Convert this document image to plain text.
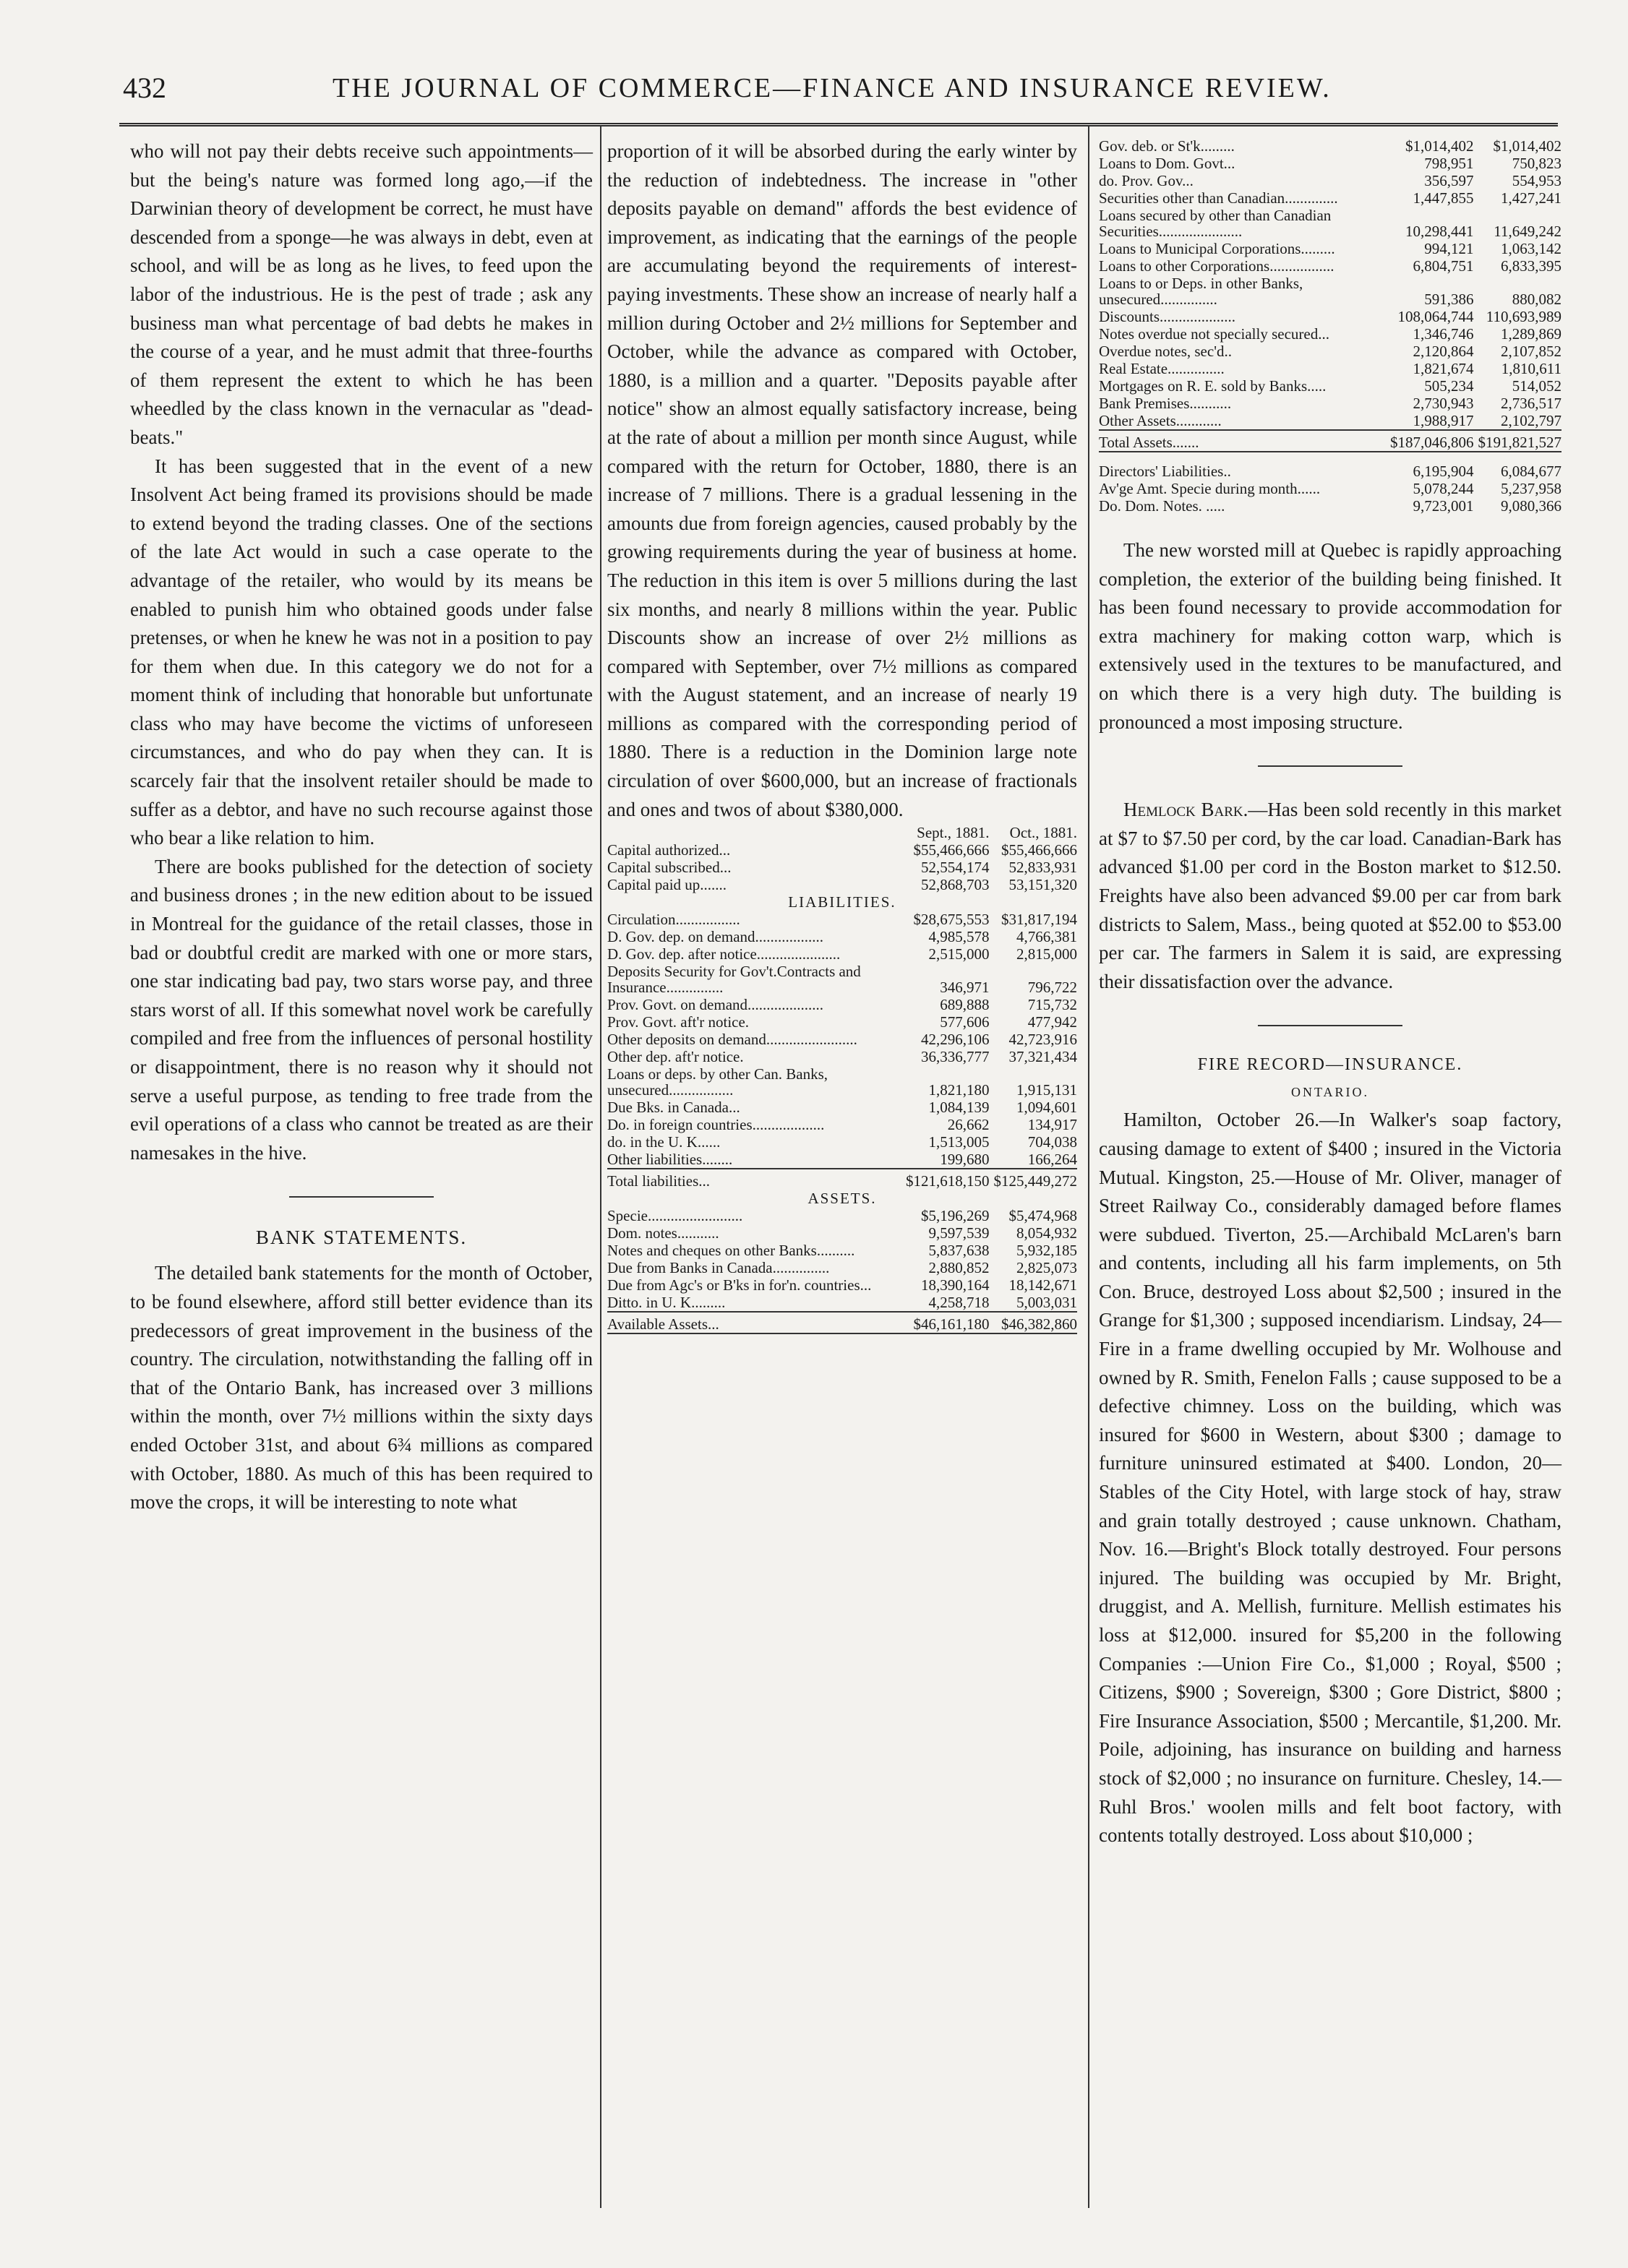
432	THE JOURNAL OF COMMERCE—FINANCE AND INSURANCE REVIEW.

who will not pay their debts receive such appointments—but the being's nature was formed long ago,—if the Darwinian theory of development be correct, he must have descended from a sponge—he was always in debt, even at school, and will be as long as he lives, to feed upon the labor of the industrious. He is the pest of trade ; ask any business man what percentage of bad debts he makes in the course of a year, and he must admit that three-fourths of them represent the extent to which he has been wheedled by the class known in the vernacular as "dead-beats."

It has been suggested that in the event of a new Insolvent Act being framed its provisions should be made to extend beyond the trading classes. One of the sections of the late Act would in such a case operate to the advantage of the retailer, who would by its means be enabled to punish him who obtained goods under false pretenses, or when he knew he was not in a position to pay for them when due. In this category we do not for a moment think of including that honorable but unfortunate class who may have become the victims of unforeseen circumstances, and who do pay when they can. It is scarcely fair that the insolvent retailer should be made to suffer as a debtor, and have no such recourse against those who bear a like relation to him.

There are books published for the detection of society and business drones ; in the new edition about to be issued in Montreal for the guidance of the retail classes, those in bad or doubtful credit are marked with one or more stars, one star indicating bad pay, two stars worse pay, and three stars worst of all. If this somewhat novel work be carefully compiled and free from the influences of personal hostility or disappointment, there is no reason why it should not serve a useful purpose, as tending to free trade from the evil operations of a class who cannot be treated as are their namesakes in the hive.

BANK STATEMENTS.

The detailed bank statements for the month of October, to be found elsewhere, afford still better evidence than its predecessors of great improvement in the business of the country. The circulation, notwithstanding the falling off in that of the Ontario Bank, has increased over 3 millions within the month, over 7½ millions within the sixty days ended October 31st, and about 6¾ millions as compared with October, 1880. As much of this has been required to move the crops, it will be interesting to note what

proportion of it will be absorbed during the early winter by the reduction of indebtedness. The increase in "other deposits payable on demand" affords the best evidence of improvement, as indicating that the earnings of the people are accumulating beyond the requirements of interest-paying investments. These show an increase of nearly half a million during October and 2½ millions for September and October, while the advance as compared with October, 1880, is a million and a quarter. "Deposits payable after notice" show an almost equally satisfactory increase, being at the rate of about a million per month since August, while compared with the return for October, 1880, there is an increase of 7 millions. There is a gradual lessening in the amounts due from foreign agencies, caused probably by the growing requirements during the year of business at home. The reduction in this item is over 5 millions during the last six months, and nearly 8 millions within the year. Public Discounts show an increase of over 2½ millions as compared with September, over 7½ millions as compared with the August statement, and an increase of nearly 19 millions as compared with the corresponding period of 1880. There is a reduction in the Dominion large note circulation of over $600,000, but an increase of fractionals and ones and twos of about $380,000.

	Sept., 1881.	Oct., 1881.
Capital authorized...	$55,466,666	$55,466,666
Capital subscribed...	52,554,174	52,833,931
Capital paid up.......	52,868,703	53,151,320
LIABILITIES.		
Circulation.................	$28,675,553	$31,817,194
D. Gov. dep. on demand..................	4,985,578	4,766,381
D. Gov. dep. after notice......................	2,515,000	2,815,000
Deposits Security for Gov't.Contracts and Insurance...............	346,971	796,722
Prov. Govt. on demand....................	689,888	715,732
Prov. Govt. aft'r notice.	577,606	477,942
Other deposits on demand........................	42,296,106	42,723,916
Other dep. aft'r notice.	36,336,777	37,321,434
Loans or deps. by other Can. Banks, unsecured.................	1,821,180	1,915,131
Due Bks. in Canada...	1,084,139	1,094,601
Do. in foreign countries...................	26,662	134,917
do. in the U. K......	1,513,005	704,038
Other liabilities........	199,680	166,264

Total liabilities...	$121,618,150	$125,449,272
ASSETS.		
Specie.........................	$5,196,269	$5,474,968
Dom. notes...........	9,597,539	8,054,932
Notes and cheques on other Banks..........	5,837,638	5,932,185
Due from Banks in Canada...............	2,880,852	2,825,073
Due from Agc's or B'ks in for'n. countries...	18,390,164	18,142,671
Ditto. in U. K.........	4,258,718	5,003,031

Available Assets...	$46,161,180	$46,382,860

Gov. deb. or St'k.........	$1,014,402	$1,014,402
Loans to Dom. Govt...	798,951	750,823
do. Prov. Gov...	356,597	554,953
Securities other than Canadian..............	1,447,855	1,427,241
Loans secured by other than Canadian Securities......................	10,298,441	11,649,242
Loans to Municipal Corporations.........	994,121	1,063,142
Loans to other Corporations.................	6,804,751	6,833,395
Loans to or Deps. in other Banks, unsecured...............	591,386	880,082
Discounts....................	108,064,744	110,693,989
Notes overdue not specially secured...	1,346,746	1,289,869
Overdue notes, sec'd..	2,120,864	2,107,852
Real Estate...............	1,821,674	1,810,611
Mortgages on R. E. sold by Banks.....	505,234	514,052
Bank Premises...........	2,730,943	2,736,517
Other Assets............	1,988,917	2,102,797

Total Assets.......	$187,046,806	$191,821,527

Directors' Liabilities..	6,195,904	6,084,677
Av'ge Amt. Specie during month......	5,078,244	5,237,958
Do. Dom. Notes. .....	9,723,001	9,080,366

The new worsted mill at Quebec is rapidly approaching completion, the exterior of the building being finished. It has been found necessary to provide accommodation for extra machinery for making cotton warp, which is extensively used in the textures to be manufactured, and on which there is a very high duty. The building is pronounced a most imposing structure.

Hemlock Bark.—Has been sold recently in this market at $7 to $7.50 per cord, by the car load. Canadian-Bark has advanced $1.00 per cord in the Boston market to $12.50. Freights have also been advanced $9.00 per car from bark districts to Salem, Mass., being quoted at $52.00 to $53.00 per car. The farmers in Salem it is said, are expressing their dissatisfaction over the advance.

FIRE RECORD—INSURANCE.
ONTARIO.

Hamilton, October 26.—In Walker's soap factory, causing damage to extent of $400 ; insured in the Victoria Mutual. Kingston, 25.—House of Mr. Oliver, manager of Street Railway Co., considerably damaged before flames were subdued. Tiverton, 25.—Archibald McLaren's barn and contents, including all his farm implements, on 5th Con. Bruce, destroyed Loss about $2,500 ; insured in the Grange for $1,300 ; supposed incendiarism. Lindsay, 24—Fire in a frame dwelling occupied by Mr. Wolhouse and owned by R. Smith, Fenelon Falls ; cause supposed to be a defective chimney. Loss on the building, which was insured for $600 in Western, about $300 ; damage to furniture uninsured estimated at $400. London, 20—Stables of the City Hotel, with large stock of hay, straw and grain totally destroyed ; cause unknown. Chatham, Nov. 16.—Bright's Block totally destroyed. Four persons injured. The building was occupied by Mr. Bright, druggist, and A. Mellish, furniture. Mellish estimates his loss at $12,000. insured for $5,200 in the following Companies :—Union Fire Co., $1,000 ; Royal, $500 ; Citizens, $900 ; Sovereign, $300 ; Gore District, $800 ; Fire Insurance Association, $500 ; Mercantile, $1,200. Mr. Poile, adjoining, has insurance on building and harness stock of $2,000 ; no insurance on furniture. Chesley, 14.—Ruhl Bros.' woolen mills and felt boot factory, with contents totally destroyed. Loss about $10,000 ;
